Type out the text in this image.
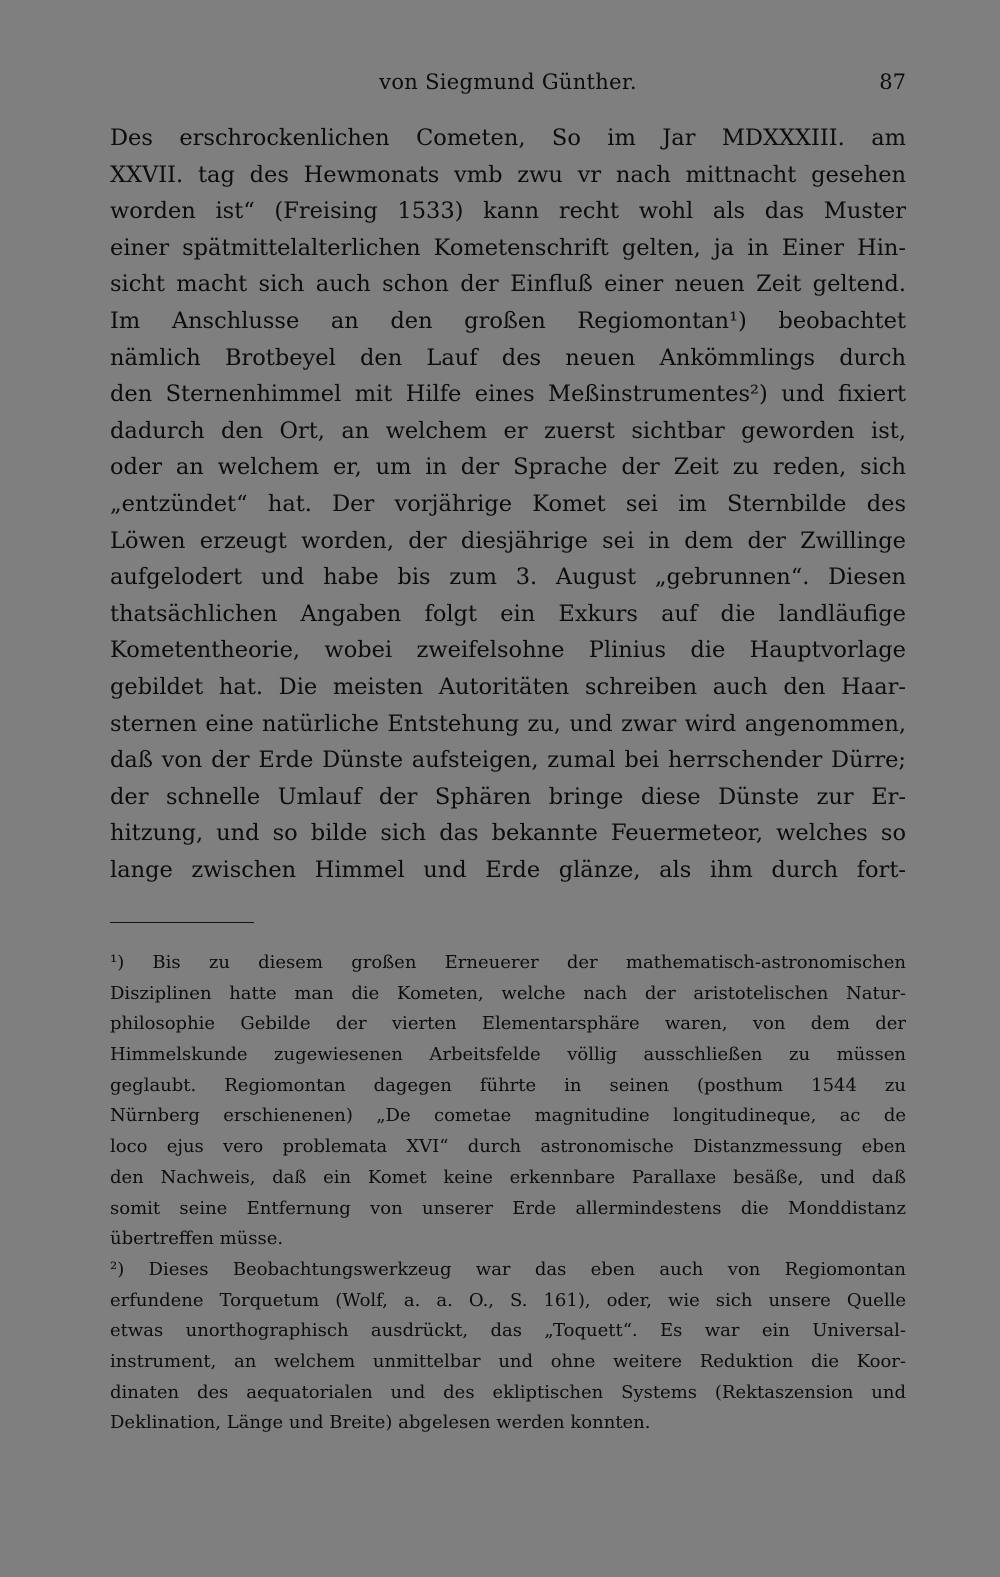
von Siegmund Günther.	87
Des erschrockenlichen Cometen, So im Jar MDXXXIII. am
XXVII. tag des Hewmonats vmb zwu vr nach mittnacht gesehen
worden ist“ (Freising 1533) kann recht wohl als das Muster
einer spätmittelalterlichen Kometenschrift gelten, ja in Einer Hin-
sicht macht sich auch schon der Einfluß einer neuen Zeit geltend.
Im Anschlusse an den großen Regiomontan¹) beobachtet
nämlich Brotbeyel den Lauf des neuen Ankömmlings durch
den Sternenhimmel mit Hilfe eines Meßinstrumentes²) und fixiert
dadurch den Ort, an welchem er zuerst sichtbar geworden ist,
oder an welchem er, um in der Sprache der Zeit zu reden, sich
„entzündet“ hat. Der vorjährige Komet sei im Sternbilde des
Löwen erzeugt worden, der diesjährige sei in dem der Zwillinge
aufgelodert und habe bis zum 3. August „gebrunnen“. Diesen
thatsächlichen Angaben folgt ein Exkurs auf die landläufige
Kometentheorie, wobei zweifelsohne Plinius die Hauptvorlage
gebildet hat. Die meisten Autoritäten schreiben auch den Haar-
sternen eine natürliche Entstehung zu, und zwar wird angenommen,
daß von der Erde Dünste aufsteigen, zumal bei herrschender Dürre;
der schnelle Umlauf der Sphären bringe diese Dünste zur Er-
hitzung, und so bilde sich das bekannte Feuermeteor, welches so
lange zwischen Himmel und Erde glänze, als ihm durch fort-
¹) Bis zu diesem großen Erneuerer der mathematisch-astronomischen
Disziplinen hatte man die Kometen, welche nach der aristotelischen Natur-
philosophie Gebilde der vierten Elementarsphäre waren, von dem der
Himmelskunde zugewiesenen Arbeitsfelde völlig ausschließen zu müssen
geglaubt. Regiomontan dagegen führte in seinen (posthum 1544 zu
Nürnberg erschienenen) „De cometae magnitudine longitudineque, ac de
loco ejus vero problemata XVI“ durch astronomische Distanzmessung eben
den Nachweis, daß ein Komet keine erkennbare Parallaxe besäße, und daß
somit seine Entfernung von unserer Erde allermindestens die Monddistanz
übertreffen müsse.
²) Dieses Beobachtungswerkzeug war das eben auch von Regiomontan
erfundene Torquetum (Wolf, a. a. O., S. 161), oder, wie sich unsere Quelle
etwas unorthographisch ausdrückt, das „Toquett“. Es war ein Universal-
instrument, an welchem unmittelbar und ohne weitere Reduktion die Koor-
dinaten des aequatorialen und des ekliptischen Systems (Rektaszension und
Deklination, Länge und Breite) abgelesen werden konnten.
